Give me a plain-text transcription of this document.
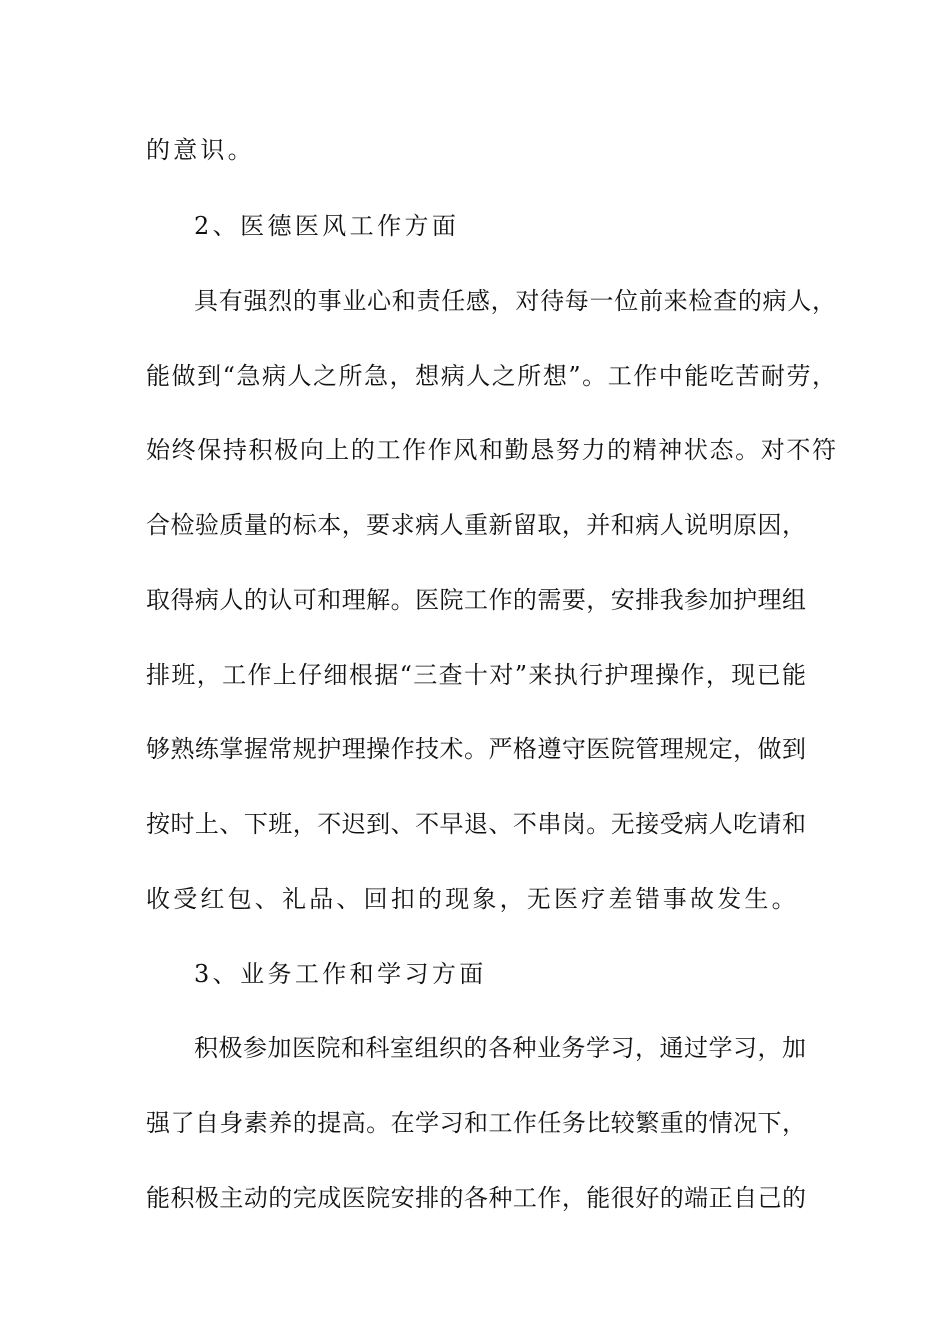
的意识。
2、医德医风工作方面
具有强烈的事业心和责任感，对待每一位前来检查的病人，
能做到“急病人之所急，想病人之所想”。工作中能吃苦耐劳，
始终保持积极向上的工作作风和勤恳努力的精神状态。对不符
合检验质量的标本，要求病人重新留取，并和病人说明原因，
取得病人的认可和理解。医院工作的需要，安排我参加护理组
排班，工作上仔细根据“三查十对”来执行护理操作，现已能
够熟练掌握常规护理操作技术。严格遵守医院管理规定，做到
按时上、下班，不迟到、不早退、不串岗。无接受病人吃请和
收受红包、礼品、回扣的现象，无医疗差错事故发生。
3、业务工作和学习方面
积极参加医院和科室组织的各种业务学习，通过学习，加
强了自身素养的提高。在学习和工作任务比较繁重的情况下，
能积极主动的完成医院安排的各种工作，能很好的端正自己的
